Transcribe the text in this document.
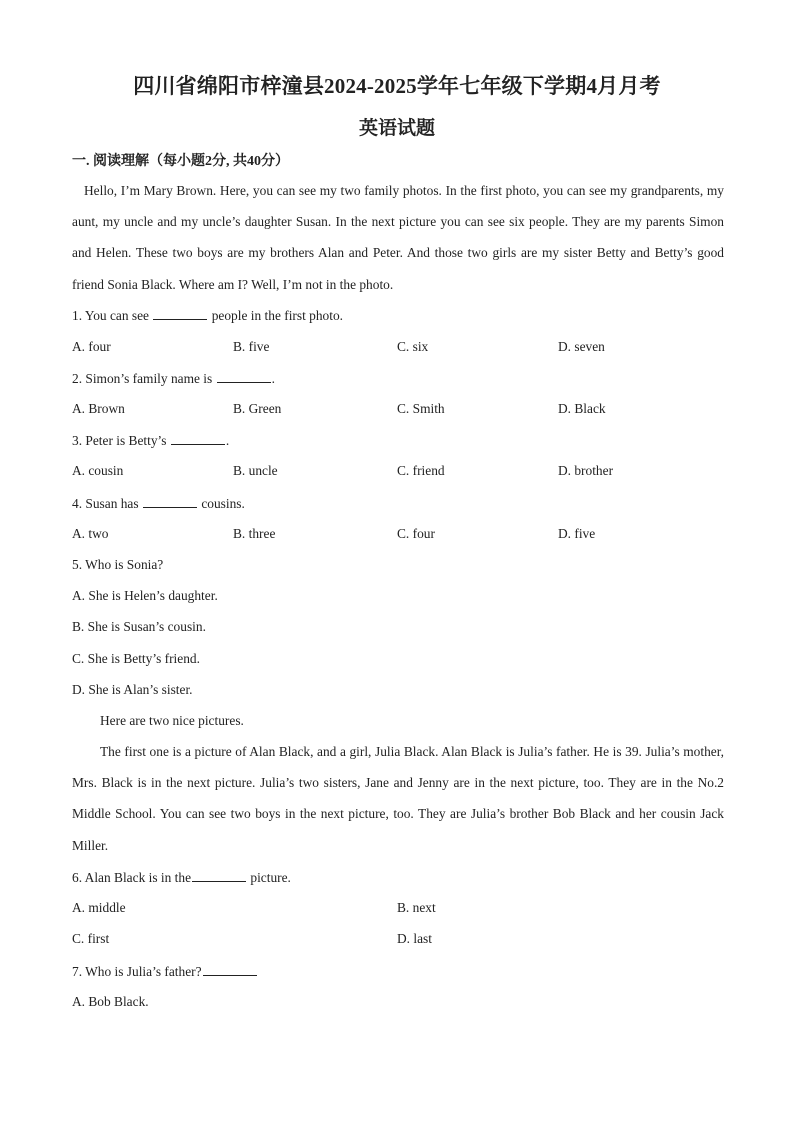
四川省绵阳市梓潼县2024-2025学年七年级下学期4月月考
英语试题
一. 阅读理解（每小题2分, 共40分）
Hello, I’m Mary Brown. Here, you can see my two family photos. In the first photo, you can see my grandparents, my aunt, my uncle and my uncle’s daughter Susan. In the next picture you can see six people. They are my parents Simon and Helen. These two boys are my brothers Alan and Peter. And those two girls are my sister Betty and Betty’s good friend Sonia Black. Where am I? Well, I’m not in the photo.
1. You can see	people in the first photo.
A. four	B. five	C. six	D. seven
2. Simon’s family name is	.
A. Brown	B. Green	C. Smith	D. Black
3. Peter is Betty’s	.
A. cousin	B. uncle	C. friend	D. brother
4. Susan has	cousins.
A. two	B. three	C. four	D. five
5. Who is Sonia?
A. She is Helen’s daughter.
B. She is Susan’s cousin.
C. She is Betty’s friend.
D. She is Alan’s sister.
Here are two nice pictures.
The first one is a picture of Alan Black, and a girl, Julia Black. Alan Black is Julia’s father. He is 39. Julia’s mother, Mrs. Black is in the next picture. Julia’s two sisters, Jane and Jenny are in the next picture, too. They are in the No.2 Middle School. You can see two boys in the next picture, too. They are Julia’s brother Bob Black and her cousin Jack Miller.
6. Alan Black is in the	picture.
A. middle	B. next
C. first	D. last
7. Who is Julia’s father?
A. Bob Black.
